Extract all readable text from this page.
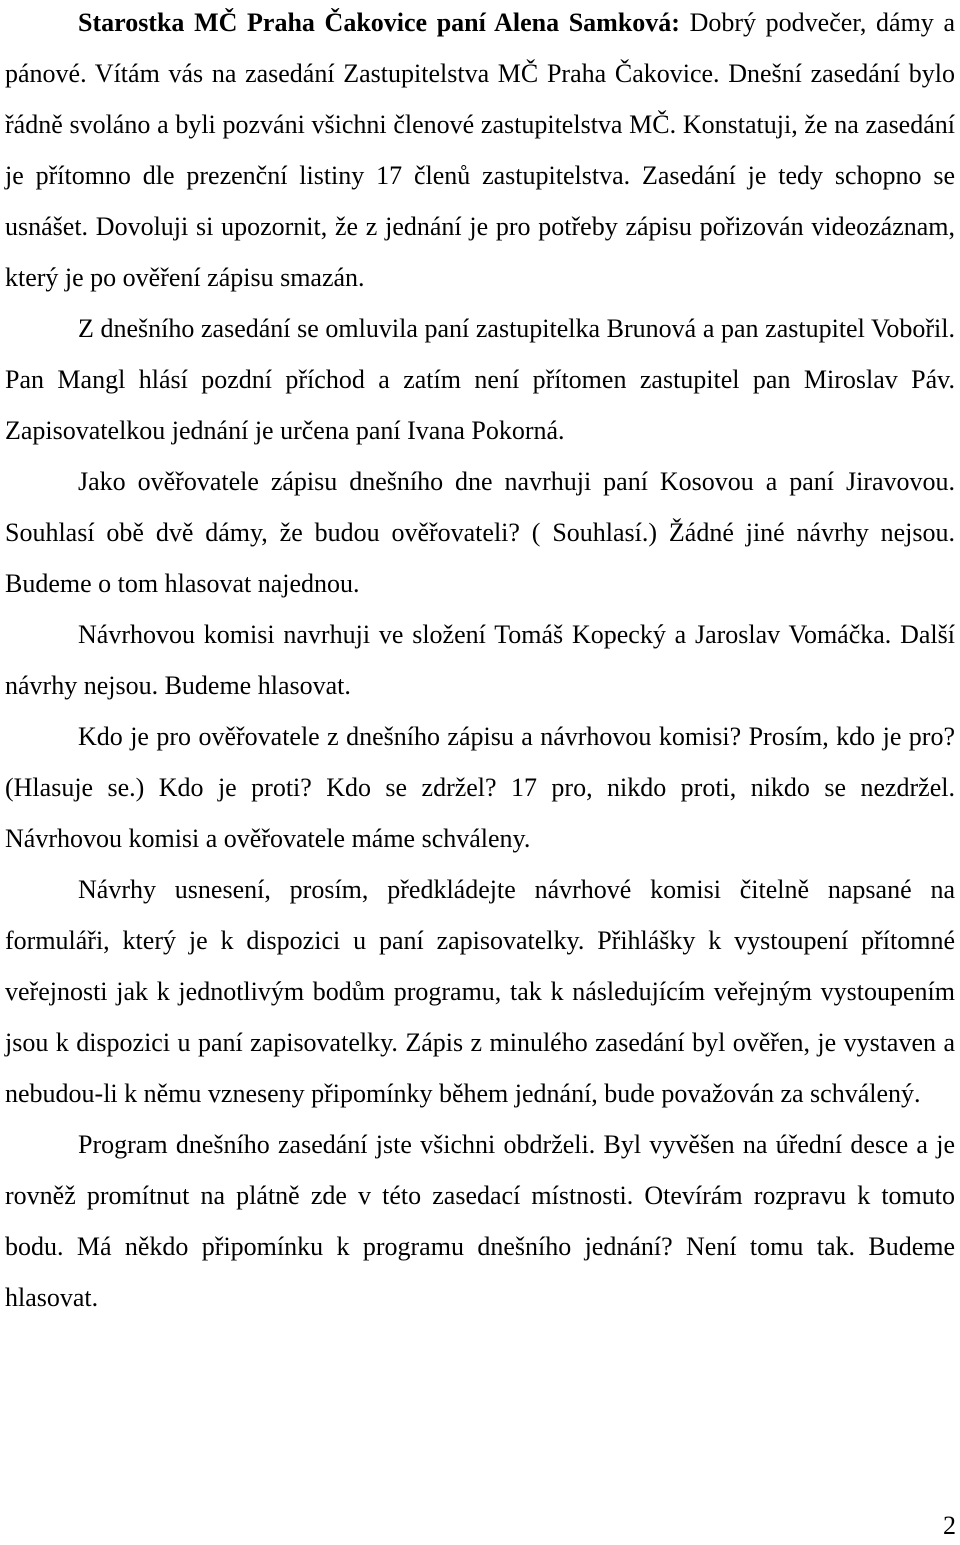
Starostka MČ Praha Čakovice paní Alena Samková: Dobrý podvečer, dámy a pánové. Vítám vás na zasedání Zastupitelstva MČ Praha Čakovice. Dnešní zasedání bylo řádně svoláno a byli pozváni všichni členové zastupitelstva MČ. Konstatuji, že na zasedání je přítomno dle prezenční listiny 17 členů zastupitelstva. Zasedání je tedy schopno se usnášet. Dovoluji si upozornit, že z jednání je pro potřeby zápisu pořizován videozáznam, který je po ověření zápisu smazán.

Z dnešního zasedání se omluvila paní zastupitelka Brunová a pan zastupitel Vobořil. Pan Mangl hlásí pozdní příchod a zatím není přítomen zastupitel pan Miroslav Páv. Zapisovatelkou jednání je určena paní Ivana Pokorná.

Jako ověřovatele zápisu dnešního dne navrhuji paní Kosovou a paní Jiravovou. Souhlasí obě dvě dámy, že budou ověřovateli? ( Souhlasí.) Žádné jiné návrhy nejsou. Budeme o tom hlasovat najednou.

Návrhovou komisi navrhuji ve složení Tomáš Kopecký a Jaroslav Vomáčka. Další návrhy nejsou. Budeme hlasovat.

Kdo je pro ověřovatele z dnešního zápisu a návrhovou komisi? Prosím, kdo je pro? (Hlasuje se.) Kdo je proti? Kdo se zdržel? 17 pro, nikdo proti, nikdo se nezdržel. Návrhovou komisi a ověřovatele máme schváleny.

Návrhy usnesení, prosím, předkládejte návrhové komisi čitelně napsané na formuláři, který je k dispozici u paní zapisovatelky. Přihlášky k vystoupení přítomné veřejnosti jak k jednotlivým bodům programu, tak k následujícím veřejným vystoupením jsou k dispozici u paní zapisovatelky. Zápis z minulého zasedání byl ověřen, je vystaven a nebudou-li k němu vzneseny připomínky během jednání, bude považován za schválený.

Program dnešního zasedání jste všichni obdrželi. Byl vyvěšen na úřední desce a je rovněž promítnut na plátně zde v této zasedací místnosti. Otevírám rozpravu k tomuto bodu. Má někdo připomínku k programu dnešního jednání? Není tomu tak. Budeme hlasovat.

2
